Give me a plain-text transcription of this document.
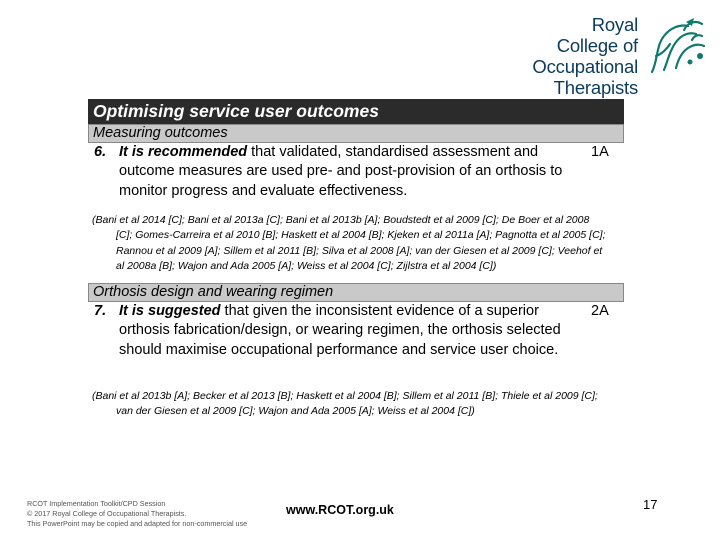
Royal College of
Occupational
Therapists
Optimising service user outcomes
Measuring outcomes
6. It is recommended that validated, standardised assessment and outcome measures are used pre- and post-provision of an orthosis to monitor progress and evaluate effectiveness.
1A
(Bani et al 2014 [C]; Bani et al 2013a [C]; Bani et al 2013b [A]; Boudstedt et al 2009 [C]; De Boer et al 2008 [C]; Gomes-Carreira et al 2010 [B]; Haskett et al 2004 [B]; Kjeken et al 2011a [A]; Pagnotta et al 2005 [C]; Rannou et al 2009 [A]; Sillem et al 2011 [B]; Silva et al 2008 [A]; van der Giesen et al 2009 [C]; Veehof et al 2008a [B]; Wajon and Ada 2005 [A]; Weiss et al 2004 [C]; Zijlstra et al 2004 [C])
Orthosis design and wearing regimen
7. It is suggested that given the inconsistent evidence of a superior orthosis fabrication/design, or wearing regimen, the orthosis selected should maximise occupational performance and service user choice.
2A
(Bani et al 2013b [A]; Becker et al 2013 [B]; Haskett et al 2004 [B]; Sillem et al 2011 [B]; Thiele et al 2009 [C]; van der Giesen et al 2009 [C]; Wajon and Ada 2005 [A]; Weiss et al 2004 [C])
RCOT Implementation Toolkit/CPD Session
© 2017 Royal College of Occupational Therapists.
This PowerPoint may be copied and adapted for non-commercial use
www.RCOT.org.uk	17
